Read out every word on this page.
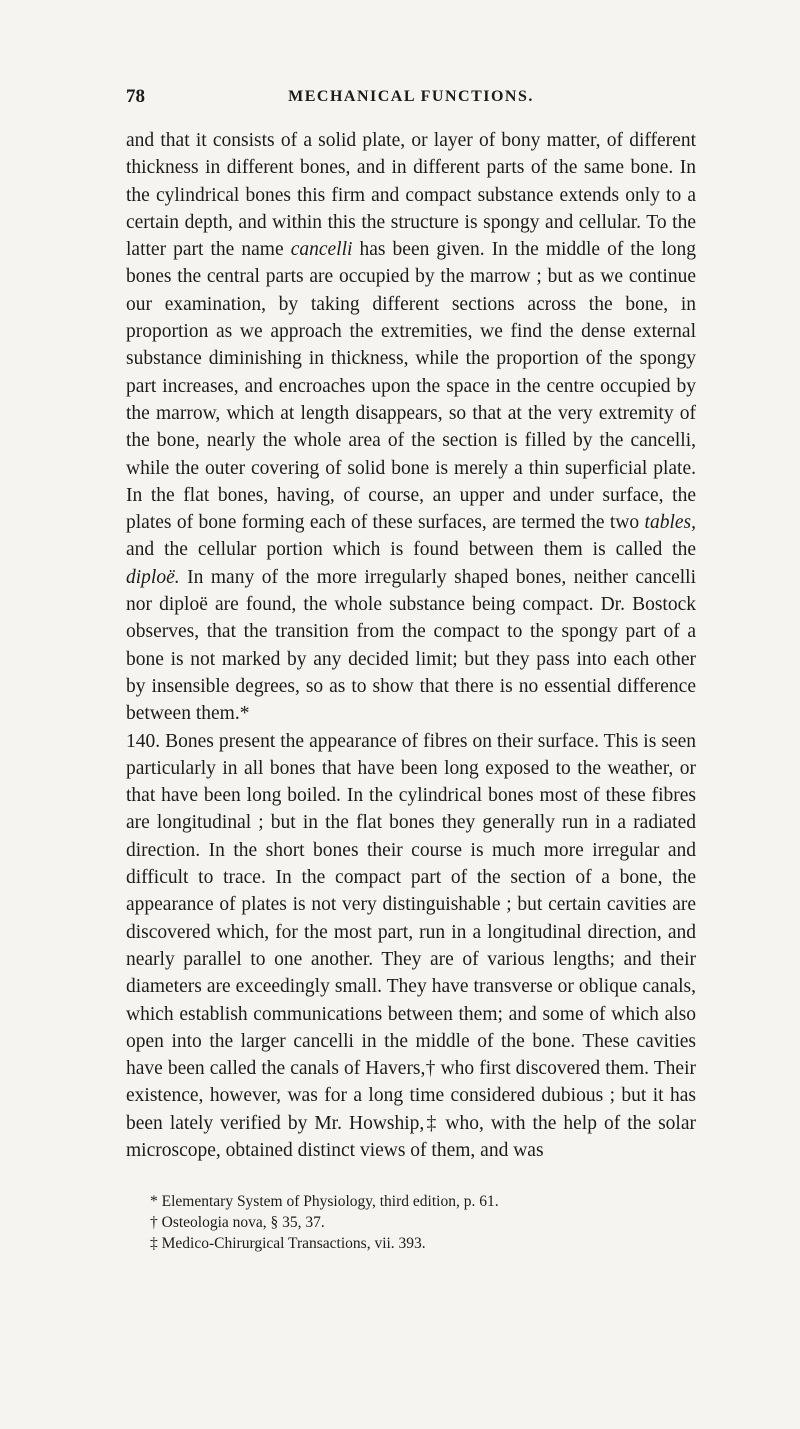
78	MECHANICAL FUNCTIONS.

and that it consists of a solid plate, or layer of bony matter, of different thickness in different bones, and in different parts of the same bone. In the cylindrical bones this firm and compact substance extends only to a certain depth, and within this the structure is spongy and cellular. To the latter part the name cancelli has been given. In the middle of the long bones the central parts are occupied by the marrow ; but as we continue our examination, by taking different sections across the bone, in proportion as we approach the extremities, we find the dense external substance diminishing in thickness, while the proportion of the spongy part increases, and encroaches upon the space in the centre occupied by the marrow, which at length disappears, so that at the very extremity of the bone, nearly the whole area of the section is filled by the cancelli, while the outer covering of solid bone is merely a thin superficial plate. In the flat bones, having, of course, an upper and under surface, the plates of bone forming each of these surfaces, are termed the two tables, and the cellular portion which is found between them is called the diploë. In many of the more irregularly shaped bones, neither cancelli nor diploë are found, the whole substance being compact. Dr. Bostock observes, that the transition from the compact to the spongy part of a bone is not marked by any decided limit; but they pass into each other by insensible degrees, so as to show that there is no essential difference between them.*

140. Bones present the appearance of fibres on their surface. This is seen particularly in all bones that have been long exposed to the weather, or that have been long boiled. In the cylindrical bones most of these fibres are longitudinal ; but in the flat bones they generally run in a radiated direction. In the short bones their course is much more irregular and difficult to trace. In the compact part of the section of a bone, the appearance of plates is not very distinguishable ; but certain cavities are discovered which, for the most part, run in a longitudinal direction, and nearly parallel to one another. They are of various lengths; and their diameters are exceedingly small. They have transverse or oblique canals, which establish communications between them; and some of which also open into the larger cancelli in the middle of the bone. These cavities have been called the canals of Havers,† who first discovered them. Their existence, however, was for a long time considered dubious ; but it has been lately verified by Mr. Howship,‡ who, with the help of the solar microscope, obtained distinct views of them, and was

* Elementary System of Physiology, third edition, p. 61.

† Osteologia nova, § 35, 37.

‡ Medico-Chirurgical Transactions, vii. 393.
